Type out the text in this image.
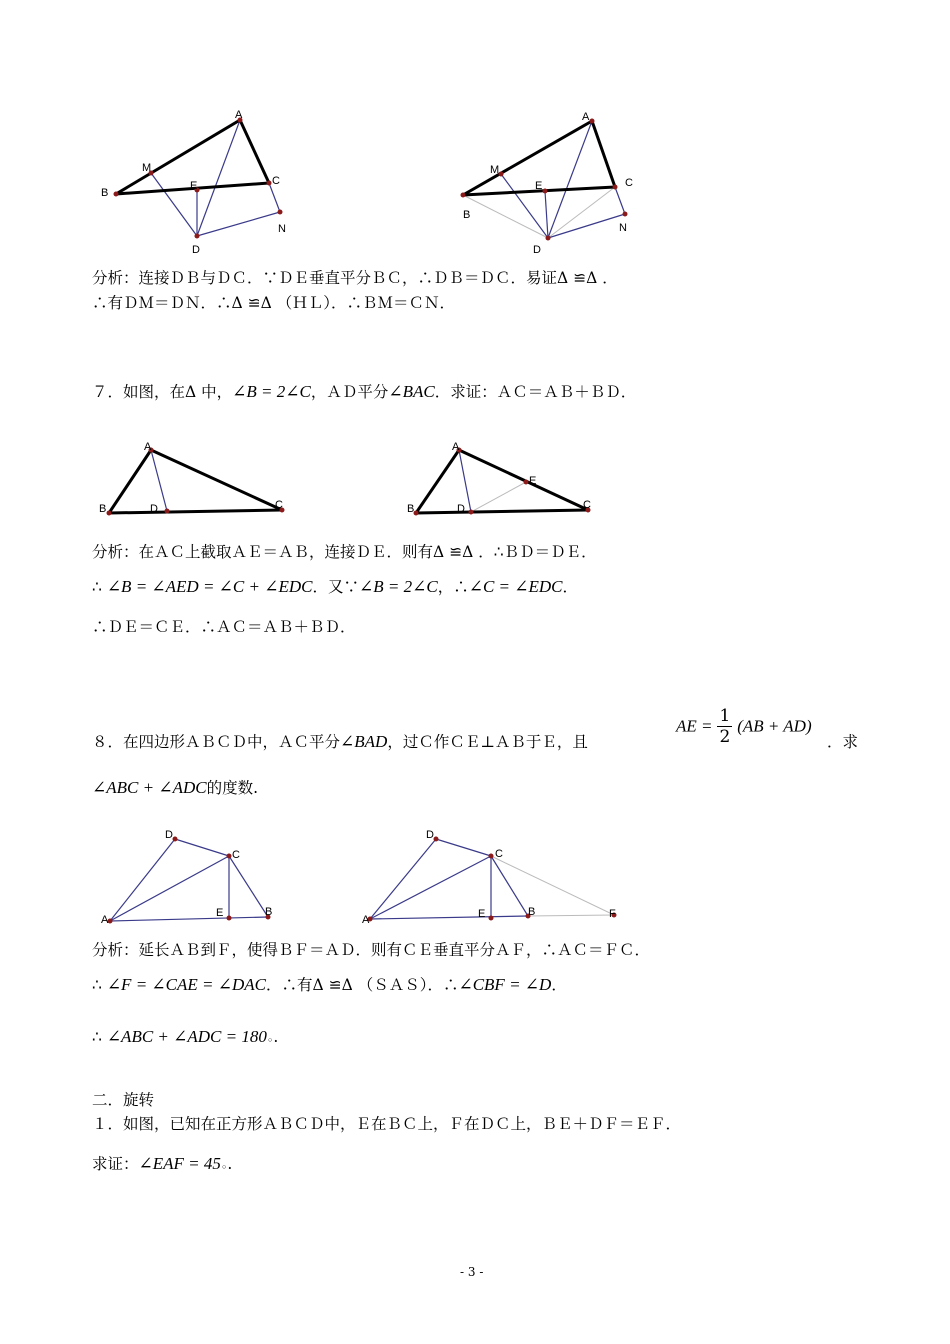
A
B
C
M
E
D
N
A
B
C
M
E
D
N
分析：连接ＤＢ与ＤＣ．∵ＤＥ垂直平分ＢＣ，∴ＤＢ＝ＤＣ．易证Δ ≌Δ ．
∴有ＤＭ＝ＤＮ．∴Δ ≌Δ （ＨＬ）．∴ＢＭ＝ＣＮ．
７．如图，在Δ 中，∠B = 2∠C，ＡＤ平分∠BAC．求证：ＡＣ＝ＡＢ＋ＢＤ．
A
B	D	C
A
B	D
E
C
分析：在ＡＣ上截取ＡＥ＝ＡＢ，连接ＤＥ．则有Δ ≌Δ ．∴ＢＤ＝ＤＥ．
∴ ∠B = ∠AED = ∠C + ∠EDC．又∵∠B = 2∠C，∴∠C = ∠EDC．
∴ＤＥ＝ＣＥ．∴ＡＣ＝ＡＢ＋ＢＤ．
８．在四边形ＡＢＣＤ中，ＡＣ平分∠BAD，过Ｃ作ＣＥ⊥ＡＢ于Ｅ，且
AE = $\frac{1}{2} (AB + AD)$
．求
∠ABC + ∠ADC的度数.
D
C
A
E	B
D
C
A	E	B	F
分析：延长ＡＢ到Ｆ，使得ＢＦ＝ＡＤ．则有ＣＥ垂直平分ＡＦ，∴ＡＣ＝ＦＣ．
∴ ∠F = ∠CAE = ∠DAC．∴有Δ ≌Δ （ＳＡＳ）．∴∠CBF = ∠D．
∴ ∠ABC + ∠ADC = 180◦.
二．旋转
１．如图，已知在正方形ＡＢＣＤ中，Ｅ在ＢＣ上，Ｆ在ＤＣ上，ＢＥ＋ＤＦ＝ＥＦ．
求证：∠EAF = 45◦.
- 3 -
